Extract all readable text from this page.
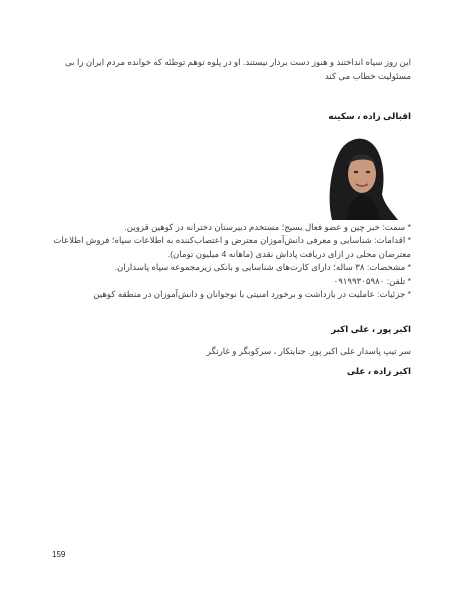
این روز سیاه انداختند و هنوز دست بردار نیستند. او در پلوه توهم توطئه که خوانده مردم ایران را بی
مسئولیت خطاب می کند
اقبالی زاده ، سکینه
* سمت: خبر چین و عضو فعال بسیج؛ مستخدم دبیرستان دخترانه در کوهین قزوین.
* اقدامات: شناسایی و معرفی دانش‌آموزان معترض و اعتصاب‌کننده به اطلاعات سپاه؛ فروش اطلاعات
معترضان محلی در ازای دریافت پاداش نقدی (ماهانه 4 میلیون تومان).
* مشخصات: ۳۸ ساله؛ دارای کارت‌های شناسایی و بانکی زیرمجموعه سپاه پاسداران.
* تلفن: ۰۹۱۹۹۳۰۵۹۸۰
* جزئیات: عاملیت در بازداشت و برخورد امنیتی با نوجوانان و دانش‌آموزان در منطقه کوهین
اکبر پور ، علی اکبر
سر تیپ پاسدار علی اکبر پور. جنایتکار ، سرکوبگر و غارتگر
اکبر زاده ، علی
159
